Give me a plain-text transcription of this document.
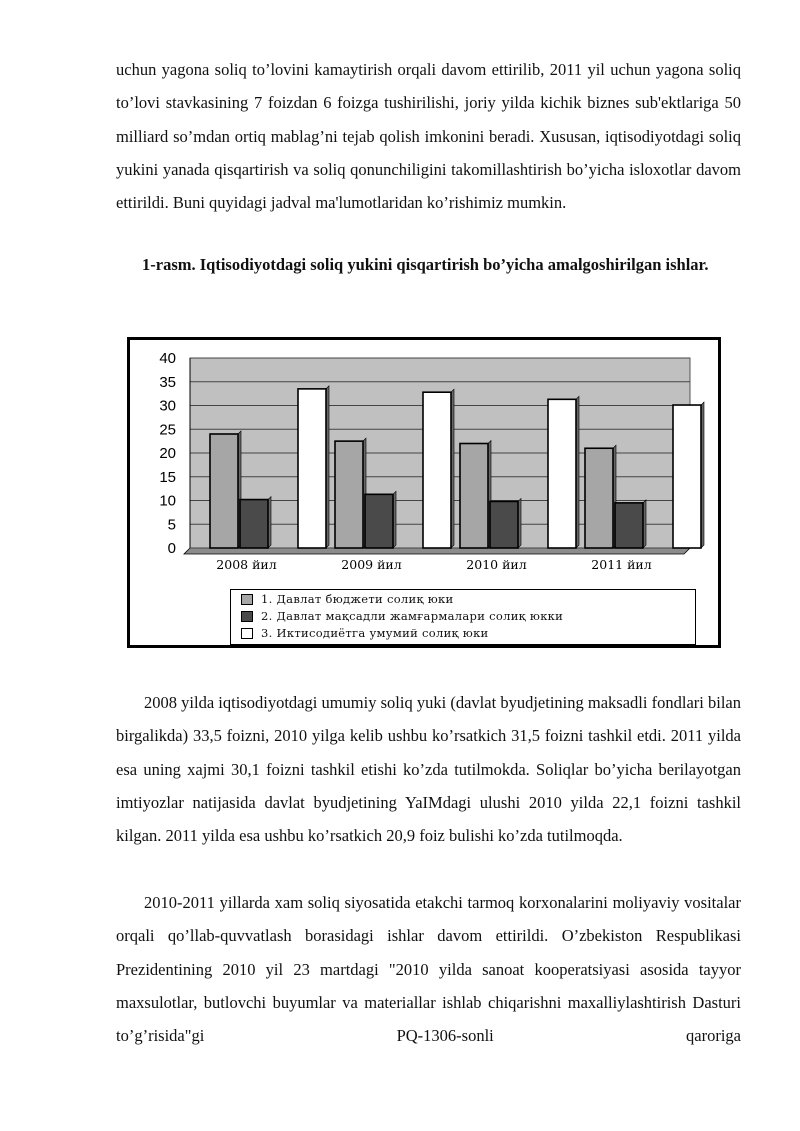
uchun yagona soliq to’lovini kamaytirish orqali davom ettirilib, 2011 yil uchun yagona soliq to’lovi stavkasining 7 foizdan 6 foizga tushirilishi, joriy yilda kichik biznes sub'ektlariga 50 milliard so’mdan ortiq mablag’ni tejab qolish imkonini beradi. Xususan, iqtisodiyotdagi soliq yukini yanada qisqartirish va soliq qonunchiligini takomillashtirish bo’yicha isloxotlar davom ettirildi. Buni quyidagi jadval ma'lumotlaridan ko’rishimiz mumkin.
1-rasm. Iqtisodiyotdagi soliq yukini qisqartirish bo’yicha amalgoshirilgan ishlar.
0
5
10
15
20
25
30
35
40
2008 йил	2009 йил	2010 йил	2011 йил
1. Давлат бюджети солиқ юки
2. Давлат мақсадли жамғармалари солиқ юкки
3. Иктисодиётга умумий солиқ юки
2008 yilda iqtisodiyotdagi umumiy soliq yuki (davlat byudjetining maksadli fondlari bilan birgalikda) 33,5 foizni, 2010 yilga kelib ushbu ko’rsatkich 31,5 foizni tashkil etdi. 2011 yilda esa uning xajmi 30,1 foizni tashkil etishi ko’zda tutilmokda. Soliqlar bo’yicha berilayotgan imtiyozlar natijasida davlat byudjetining YaIMdagi ulushi 2010 yilda 22,1 foizni tashkil kilgan. 2011 yilda esa ushbu ko’rsatkich 20,9 foiz bulishi ko’zda tutilmoqda.
2010-2011 yillarda xam soliq siyosatida etakchi tarmoq korxonalarini moliyaviy vositalar orqali qo’llab-quvvatlash borasidagi ishlar davom ettirildi. O’zbekiston Respublikasi Prezidentining 2010 yil 23 martdagi "2010 yilda sanoat kooperatsiyasi asosida tayyor maxsulotlar, butlovchi buyumlar va materiallar ishlab chiqarishni maxalliylashtirish Dasturi to’g’risida"gi PQ-1306-sonli qaroriga
